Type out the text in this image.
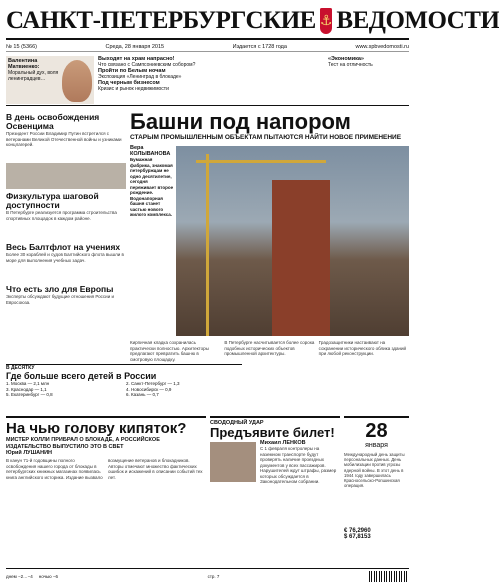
САНКТ-ПЕТЕРБУРГСКИЕ ⚓ ВЕДОМОСТИ
№ 15 (5366)	Среда, 28 января 2015	Издается с 1728 года	www.spbvedomosti.ru
Валентина Матвиенко:
Моральный дух, воля ленинградцев…
Выходят на храм напрасно!
Что связано с Сампсониевским собором?
Пройти по Белым ночам
Экспозиция «Ленинград в блокаде»
Под черным бизнесом
Кризис и рынок недвижимости
«Экономика»
Тест на отличность
В день освобождения Освенцима
Президент России Владимир Путин встретился с ветеранами Великой Отечественной войны и узниками концлагерей.
Физкультура шаговой доступности
В Петербурге реализуется программа строительства спортивных площадок в каждом районе.
Весь Балтфлот на учениях
Более 30 кораблей и судов Балтийского флота вышли в море для выполнения учебных задач.
Что есть зло для Европы
Эксперты обсуждают будущие отношения России и Евросоюза.
В ДЕСЯТКУ
Где больше всего детей в России
1. Москва — 2,1 млн	2. Санкт-Петербург — 1,3
3. Краснодар — 1,1	4. Новосибирск — 0,9
5. Екатеринбург — 0,8	6. Казань — 0,7
Башни под напором
СТАРЫМ ПРОМЫШЛЕННЫМ ОБЪЕКТАМ ПЫТАЮТСЯ НАЙТИ НОВОЕ ПРИМЕНЕНИЕ
Вера КОЛЫВАНОВА
Бумажная фабрика, знакомая петербуржцам не одно десятилетие, сегодня переживает второе рождение. Водонапорная башня станет частью нового жилого комплекса.
Кирпичная кладка сохранилась практически полностью. Архитекторы предлагают превратить башню в смотровую площадку.
В Петербурге насчитывается более сорока подобных исторических объектов промышленной архитектуры.
Градозащитники настаивают на сохранении исторического облика зданий при любой реконструкции.
На чью голову кипяток?
МИСТЕР КОЛЛИ ПРИБРАЛ О БЛОКАДЕ, А РОССИЙСКОЕ ИЗДАТЕЛЬСТВО ВЫПУСТИЛО ЭТО В СВЕТ
Юрий ЛУШАНИН
В канун 71-й годовщины полного освобождения нашего города от блокады в петербургских книжных магазинах появилась книга английского историка. Издание вызвало возмущение ветеранов и блокадников. Авторы отмечают множество фактических ошибок и искажений в описании событий тех лет.
СВОДОДНЫЙ УДАР
Предъявите билет!
Михаил ЛЕНКОВ
С 1 февраля контролеры на наземном транспорте будут проверять наличие проездных документов у всех пассажиров. Нарушителей ждут штрафы, размер которых обсуждается в Законодательном собрании.
28
января
Международный день защиты персональных данных. День мобилизации против угрозы ядерной войны. В этот день в 1944 году завершилась Красносельско-Ропшинская операция.
€ 76,2960
$ 67,8153
днем −2…−4 ночью −6	стр. 7
